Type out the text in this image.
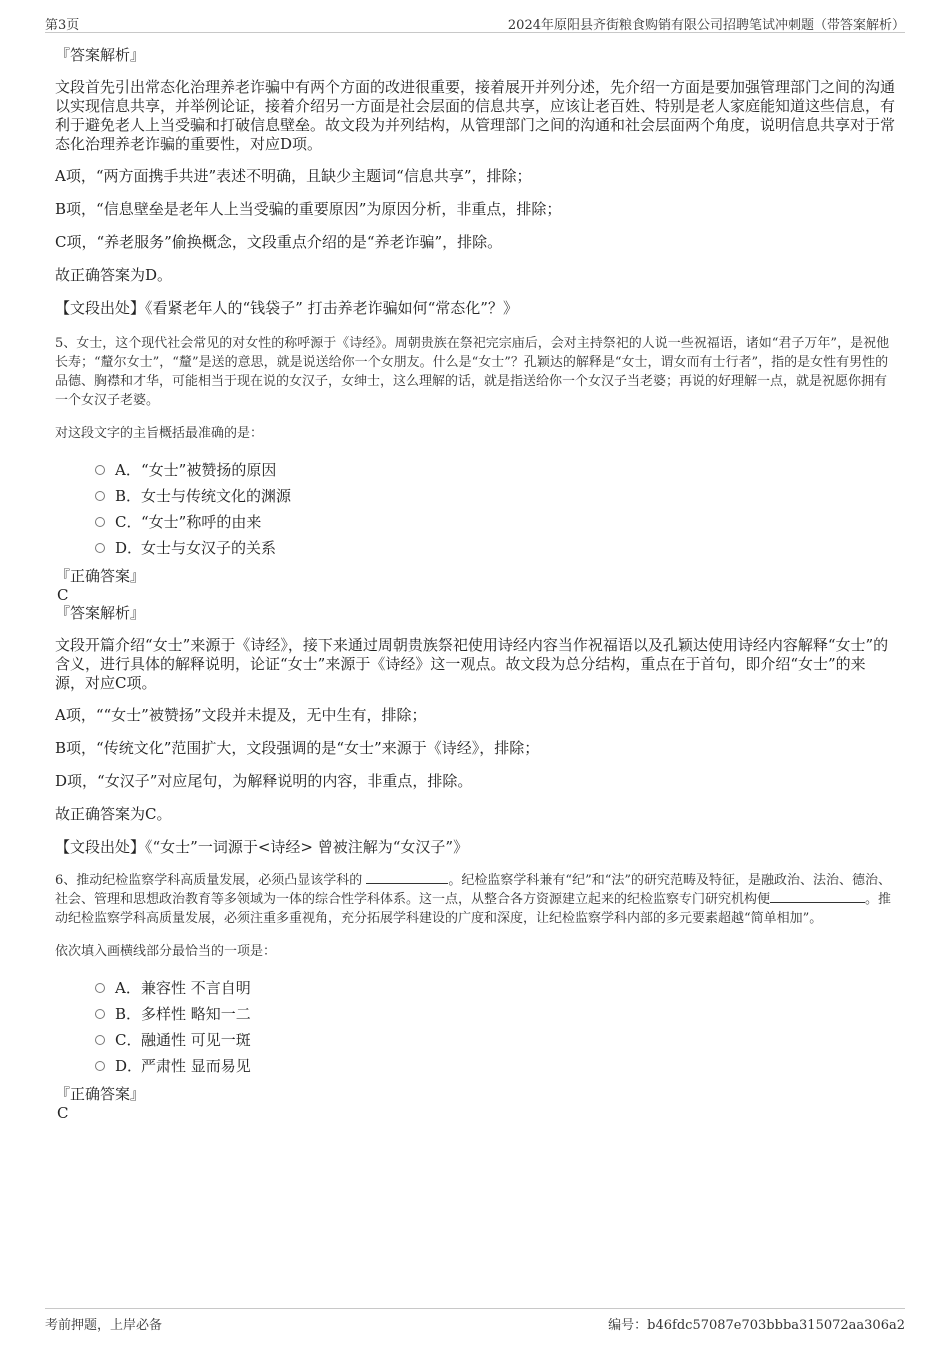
第3页	2024年原阳县齐街粮食购销有限公司招聘笔试冲刺题（带答案解析）

『答案解析』

文段首先引出常态化治理养老诈骗中有两个方面的改进很重要，接着展开并列分述，先介绍一方面是要加强管理部门之间的沟通以实现信息共享，并举例论证，接着介绍另一方面是社会层面的信息共享，应该让老百姓、特别是老人家庭能知道这些信息，有利于避免老人上当受骗和打破信息壁垒。故文段为并列结构，从管理部门之间的沟通和社会层面两个角度，说明信息共享对于常态化治理养老诈骗的重要性，对应D项。

A项，“两方面携手共进”表述不明确，且缺少主题词“信息共享”，排除；

B项，“信息壁垒是老年人上当受骗的重要原因”为原因分析，非重点，排除；

C项，“养老服务”偷换概念，文段重点介绍的是“养老诈骗”，排除。

故正确答案为D。

【文段出处】《看紧老年人的“钱袋子” 打击养老诈骗如何“常态化”？》

5、女士，这个现代社会常见的对女性的称呼源于《诗经》。周朝贵族在祭祀完宗庙后，会对主持祭祀的人说一些祝福语，诸如“君子万年”，是祝他长寿；“釐尔女士”，“釐”是送的意思，就是说送给你一个女朋友。什么是“女士”？孔颖达的解释是“女士，谓女而有士行者”，指的是女性有男性的品德、胸襟和才华，可能相当于现在说的女汉子，女绅士，这么理解的话，就是指送给你一个女汉子当老婆；再说的好理解一点，就是祝愿你拥有一个女汉子老婆。

对这段文字的主旨概括最准确的是：

A．“女士”被赞扬的原因
B．女士与传统文化的渊源
C．“女士”称呼的由来
D．女士与女汉子的关系

『正确答案』

C

『答案解析』

文段开篇介绍“女士”来源于《诗经》，接下来通过周朝贵族祭祀使用诗经内容当作祝福语以及孔颖达使用诗经内容解释“女士”的含义，进行具体的解释说明，论证“女士”来源于《诗经》这一观点。故文段为总分结构，重点在于首句，即介绍“女士”的来源，对应C项。

A项，““女士”被赞扬”文段并未提及，无中生有，排除；

B项，“传统文化”范围扩大，文段强调的是“女士”来源于《诗经》，排除；

D项，“女汉子”对应尾句，为解释说明的内容，非重点，排除。

故正确答案为C。

【文段出处】《“女士”一词源于<诗经> 曾被注解为“女汉子”》

6、推动纪检监察学科高质量发展，必须凸显该学科的	。纪检监察学科兼有“纪”和“法”的研究范畴及特征，是融政治、法治、德治、社会、管理和思想政治教育等多领域为一体的综合性学科体系。这一点，从整合各方资源建立起来的纪检监察专门研究机构便	。推动纪检监察学科高质量发展，必须注重多重视角，充分拓展学科建设的广度和深度，让纪检监察学科内部的多元要素超越“简单相加”。

依次填入画横线部分最恰当的一项是：

A．兼容性 不言自明
B．多样性 略知一二
C．融通性 可见一斑
D．严肃性 显而易见

『正确答案』

C

考前押题，上岸必备	编号：b46fdc57087e703bbba315072aa306a2
